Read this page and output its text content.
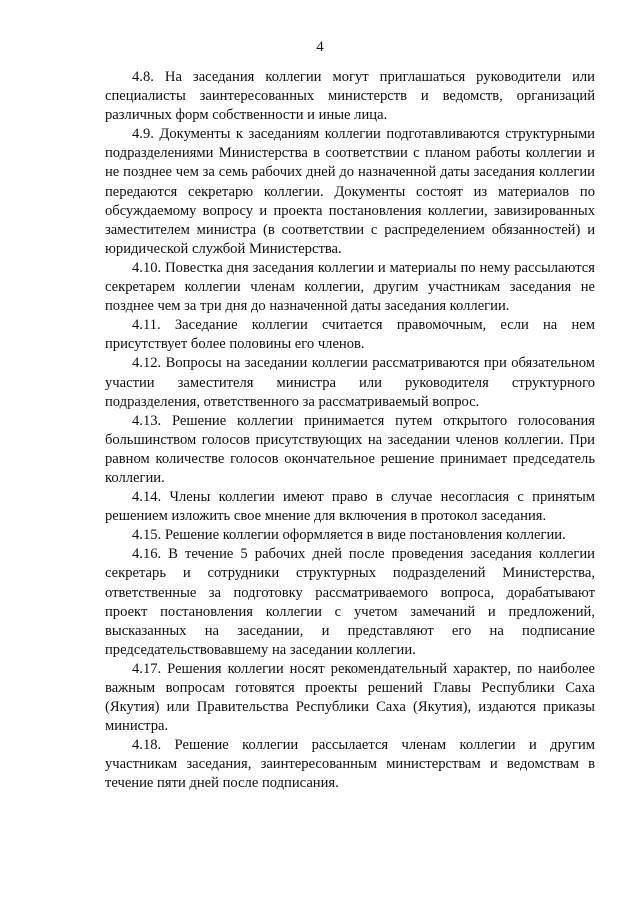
4

4.8. На заседания коллегии могут приглашаться руководители или специалисты заинтересованных министерств и ведомств, организаций различных форм собственности и иные лица.

4.9. Документы к заседаниям коллегии подготавливаются структурными подразделениями Министерства в соответствии с планом работы коллегии и не позднее чем за семь рабочих дней до назначенной даты заседания коллегии передаются секретарю коллегии. Документы состоят из материалов по обсуждаемому вопросу и проекта постановления коллегии, завизированных заместителем министра (в соответствии с распределением обязанностей) и юридической службой Министерства.

4.10. Повестка дня заседания коллегии и материалы по нему рассылаются секретарем коллегии членам коллегии, другим участникам заседания не позднее чем за три дня до назначенной даты заседания коллегии.

4.11. Заседание коллегии считается правомочным, если на нем присутствует более половины его членов.

4.12. Вопросы на заседании коллегии рассматриваются при обязательном участии заместителя министра или руководителя структурного подразделения, ответственного за рассматриваемый вопрос.

4.13. Решение коллегии принимается путем открытого голосования большинством голосов присутствующих на заседании членов коллегии. При равном количестве голосов окончательное решение принимает председатель коллегии.

4.14. Члены коллегии имеют право в случае несогласия с принятым решением изложить свое мнение для включения в протокол заседания.

4.15. Решение коллегии оформляется в виде постановления коллегии.

4.16. В течение 5 рабочих дней после проведения заседания коллегии секретарь и сотрудники структурных подразделений Министерства, ответственные за подготовку рассматриваемого вопроса, дорабатывают проект постановления коллегии с учетом замечаний и предложений, высказанных на заседании, и представляют его на подписание председательствовавшему на заседании коллегии.

4.17. Решения коллегии носят рекомендательный характер, по наиболее важным вопросам готовятся проекты решений Главы Республики Саха (Якутия) или Правительства Республики Саха (Якутия), издаются приказы министра.

4.18. Решение коллегии рассылается членам коллегии и другим участникам заседания, заинтересованным министерствам и ведомствам в течение пяти дней после подписания.
